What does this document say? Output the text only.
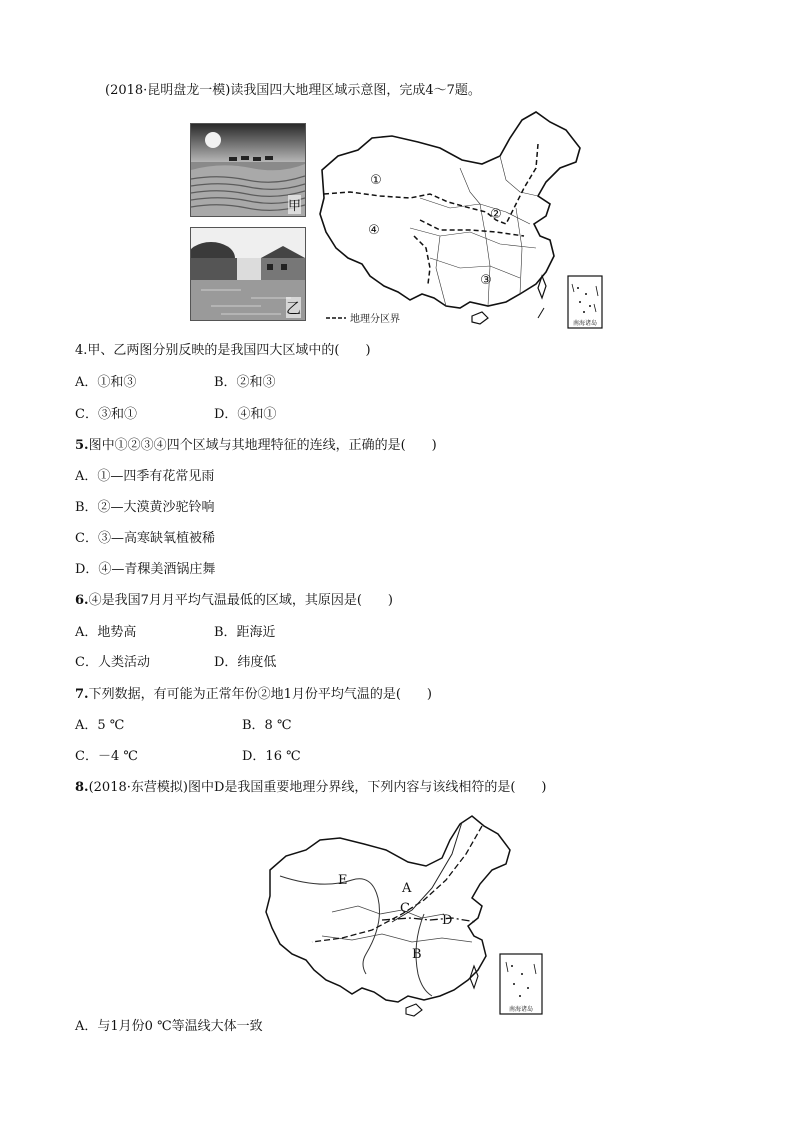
(2018·昆明盘龙一模)读我国四大地理区域示意图，完成4～7题。
甲
乙
①
②
③
④
地理分区界	南海诸岛
4.甲、乙两图分别反映的是我国四大区域中的(　　)
A．①和③	B．②和③
C．③和①	D．④和①
5.图中①②③④四个区域与其地理特征的连线，正确的是(　　)
A．①—四季有花常见雨
B．②—大漠黄沙驼铃响
C．③—高寒缺氧植被稀
D．④—青稞美酒锅庄舞
6.④是我国7月月平均气温最低的区域，其原因是(　　)
A．地势高	B．距海近
C．人类活动	D．纬度低
7.下列数据，有可能为正常年份②地1月份平均气温的是(　　)
A．5 ℃	B．8 ℃
C．－4 ℃	D．16 ℃
8.(2018·东营模拟)图中D是我国重要地理分界线，下列内容与该线相符的是(　　)
A
B
C
D
E
南海诸岛
A．与1月份0 ℃等温线大体一致
